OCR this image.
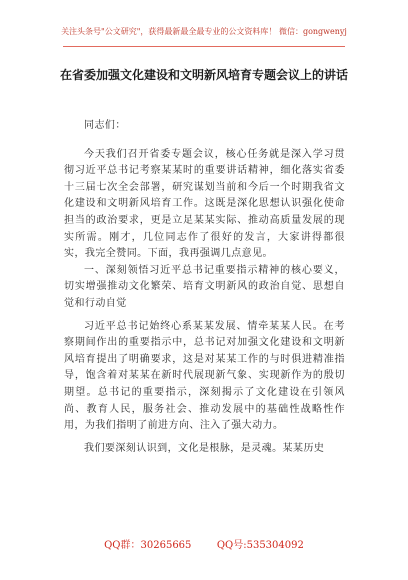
关注头条号"公文研究"，获得最新最全最专业的公文资料库！ 微信：gongwenyj
在省委加强文化建设和文明新风培育专题会议上的讲话

同志们：

今天我们召开省委专题会议，核心任务就是深入学习贯彻习近平总书记考察某某时的重要讲话精神，细化落实省委十三届七次全会部署，研究谋划当前和今后一个时期我省文化建设和文明新风培育工作。这既是深化思想认识强化使命担当的政治要求，更是立足某某实际、推动高质量发展的现实所需。刚才，几位同志作了很好的发言，大家讲得都很实，我完全赞同。下面，我再强调几点意见。

一、深刻领悟习近平总书记重要指示精神的核心要义，切实增强推动文化繁荣、培育文明新风的政治自觉、思想自觉和行动自觉

习近平总书记始终心系某某发展、情牵某某人民。在考察期间作出的重要指示中，总书记对加强文化建设和文明新风培育提出了明确要求，这是对某某工作的与时俱进精准指导，饱含着对某某在新时代展现新气象、实现新作为的殷切期望。总书记的重要指示，深刻揭示了文化建设在引领风尚、教育人民，服务社会、推动发展中的基础性战略性作用，为我们指明了前进方向、注入了强大动力。

我们要深刻认识到，文化是根脉，是灵魂。某某历史

QQ群：30265665        QQ号:535304092
